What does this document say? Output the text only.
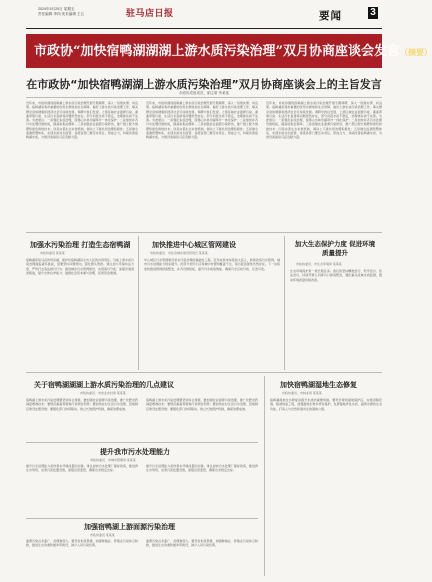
2024年9月20日 星期五
责任编辑 李四 美术编辑 王五	驻马店日报	要闻	3
市政协“加快宿鸭湖湖湖上游水质污染治理”双月协商座谈会发言（摘要）
在市政协“加快宿鸭湖湖上游水质污染治理”双月协商座谈会上的主旨发言
市政协党组成员、副主席 李某某
近年来，市政协围绕宿鸭湖上游水质污染治理开展专题调研，深入一线察实情、问良策。宿鸭湖是我市重要的饮用水源地和生态屏障，做好上游水质污染治理工作，事关群众身体健康和经济社会可持续发展。调研中我们发现，上游区域农业面源污染、畜禽养殖污染、生活污水直排等问题依然存在，部分河段水质不稳定，治理体系尚不完善。为此建议：一是强化系统治理，统筹山水林田湖草沙一体化保护；二是加快补齐污水处理设施短板，提高收集处理率；三是加强农业面源污染防治，推广测土配方施肥和绿色防控技术；四是完善生态补偿机制，调动上下游共同治理积极性；五是健全监测预警体系，实现水质动态监管。各级各部门要压实责任，形成合力，持续改善宿鸭湖水质，为建设美丽驻马店贡献力量。
近年来，市政协围绕宿鸭湖上游水质污染治理开展专题调研，深入一线察实情、问良策。宿鸭湖是我市重要的饮用水源地和生态屏障，做好上游水质污染治理工作，事关群众身体健康和经济社会可持续发展。调研中我们发现，上游区域农业面源污染、畜禽养殖污染、生活污水直排等问题依然存在，部分河段水质不稳定，治理体系尚不完善。为此建议：一是强化系统治理，统筹山水林田湖草沙一体化保护；二是加快补齐污水处理设施短板，提高收集处理率；三是加强农业面源污染防治，推广测土配方施肥和绿色防控技术；四是完善生态补偿机制，调动上下游共同治理积极性；五是健全监测预警体系，实现水质动态监管。各级各部门要压实责任，形成合力，持续改善宿鸭湖水质，为建设美丽驻马店贡献力量。
近年来，市政协围绕宿鸭湖上游水质污染治理开展专题调研，深入一线察实情、问良策。宿鸭湖是我市重要的饮用水源地和生态屏障，做好上游水质污染治理工作，事关群众身体健康和经济社会可持续发展。调研中我们发现，上游区域农业面源污染、畜禽养殖污染、生活污水直排等问题依然存在，部分河段水质不稳定，治理体系尚不完善。为此建议：一是强化系统治理，统筹山水林田湖草沙一体化保护；二是加快补齐污水处理设施短板，提高收集处理率；三是加强农业面源污染防治，推广测土配方施肥和绿色防控技术；四是完善生态补偿机制，调动上下游共同治理积极性；五是健全监测预警体系，实现水质动态监管。各级各部门要压实责任，形成合力，持续改善宿鸭湖水质，为建设美丽驻马店贡献力量。
加强水污染治理 打造生态宿鸭湖
市政协委员 某某某
宿鸭湖是驻马店的母亲湖，保护好宿鸭湖是全市人民的共同责任。当前上游水质污染治理面临诸多挑战，需要坚持问题导向，强化源头管控。建议加大环保执法力度，严厉打击违法排污行为；推进城乡污水管网建设，实现雨污分流；加强河道清淤疏浚，提升水体自净能力；鼓励社会资本参与治理，拓宽资金渠道。
加快推进中心城区管网建设
市政协委员、市住房城乡建设局局长 某某某
中心城区污水管网建设是水污染治理的基础性工程。近年来我市持续加大投入，新建改造污水管网，城市污水处理能力稳步提升。但部分老旧小区和城中村管网覆盖不全，雨污混流现象仍然存在。下一步将加快推进管网排查整治，补齐设施短板，提升污水收集效能，确保污水应收尽收、应治尽治。
加大生态保护力度 促进环境质量提升
市政协委员、市生态环境局 某某某
生态环境保护是一项长期任务。我们将坚持精准治污、科学治污、依法治污，持续开展入河排污口排查整治，强化重点流域水质监测，推动环境质量持续改善。
关于宿鸭湖湖湖上游水质污染治理的几点建议
市政协委员、市农业农村局 某某某
宿鸭湖上游水质污染治理要坚持综合施策。要加强农业面源污染治理，推广化肥农药减量增效技术；要规范畜禽养殖粪污资源化利用；要加快农村生活污水治理，因地制宜建设处理设施；要强化部门协同联动，建立长效管护机制，确保治理成效。
宿鸭湖上游水质污染治理要坚持综合施策。要加强农业面源污染治理，推广化肥农药减量增效技术；要规范畜禽养殖粪污资源化利用；要加快农村生活污水治理，因地制宜建设处理设施；要强化部门协同联动，建立长效管护机制，确保治理成效。
提升我市污水处理能力
市政协委员、市城市管理局 某某某
提升污水处理能力是改善水环境质量的关键。建议加快污水处理厂提标改造，推进再生水利用，完善污泥处置设施，加强运营监管，确保出水稳定达标。
提升污水处理能力是改善水环境质量的关键。建议加快污水处理厂提标改造，推进再生水利用，完善污泥处置设施，加强运营监管，确保出水稳定达标。
加快宿鸭湖湿地生态修复
市政协委员、市林业局 某某某
宿鸭湖湿地生态修复是提升水质的重要举措。要科学规划湿地保护区，实施退耕还湿、植被恢复工程，加强湿地生物多样性保护，发挥湿地净化水质、涵养水源的生态功能，打造人与自然和谐共生的湿地公园。
加强宿鸭湖上游面源污染治理
市政协委员 某某某
面源污染点多面广，治理难度大。要坚持系统思维，加强种植业、养殖业污染综合防控，推进生态沟渠和缓冲带建设，减少入河污染负荷。
面源污染点多面广，治理难度大。要坚持系统思维，加强种植业、养殖业污染综合防控，推进生态沟渠和缓冲带建设，减少入河污染负荷。
